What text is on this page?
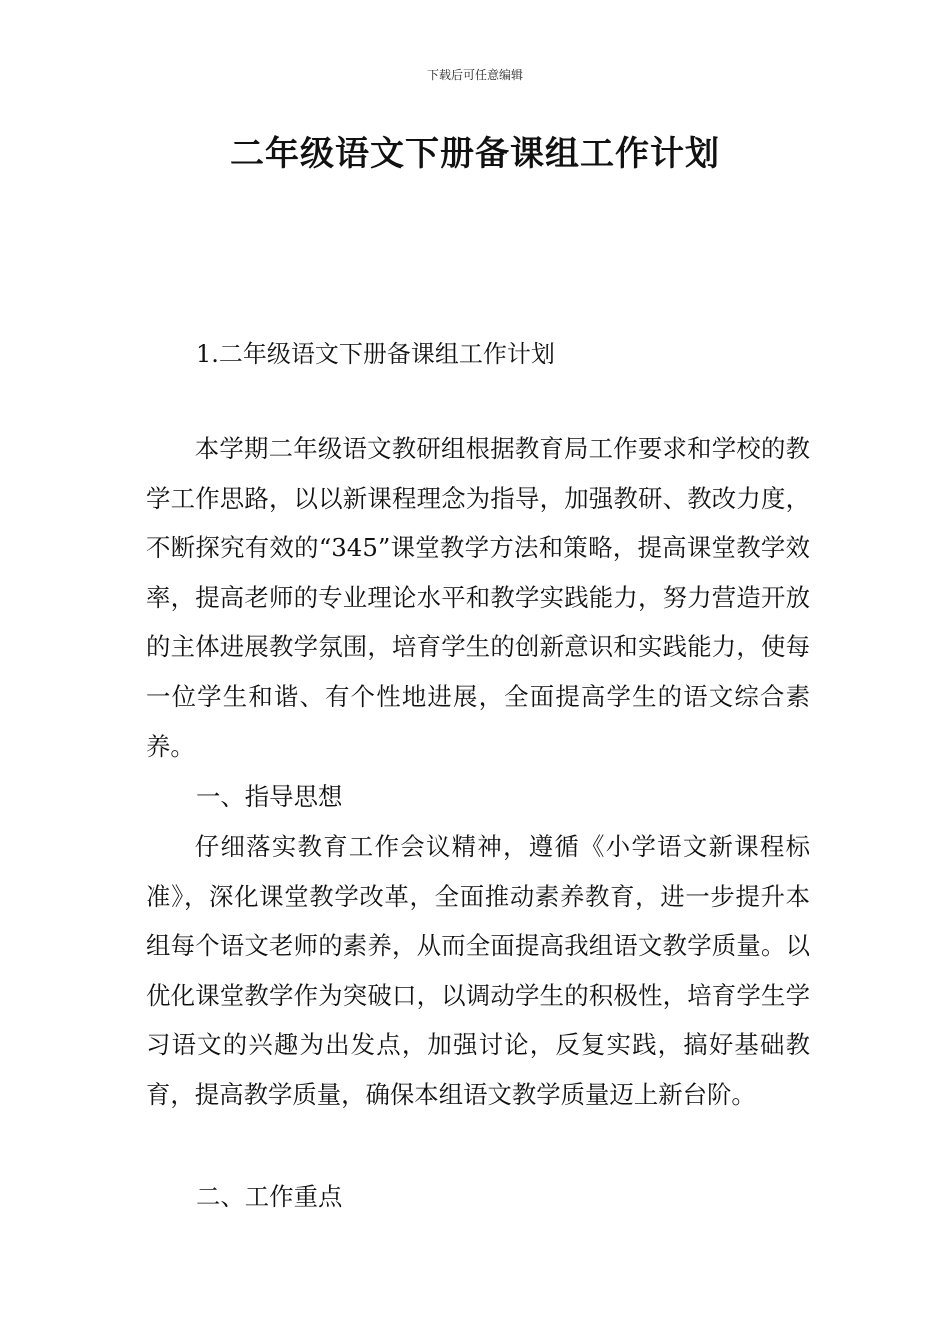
下载后可任意编辑
二年级语文下册备课组工作计划
1.二年级语文下册备课组工作计划

本学期二年级语文教研组根据教育局工作要求和学校的教学工作思路，以以新课程理念为指导，加强教研、教改力度，不断探究有效的“345”课堂教学方法和策略，提高课堂教学效率，提高老师的专业理论水平和教学实践能力，努力营造开放的主体进展教学氛围，培育学生的创新意识和实践能力，使每一位学生和谐、有个性地进展，全面提高学生的语文综合素养。

一、指导思想

仔细落实教育工作会议精神，遵循《小学语文新课程标准》，深化课堂教学改革，全面推动素养教育，进一步提升本组每个语文老师的素养，从而全面提高我组语文教学质量。以优化课堂教学作为突破口，以调动学生的积极性，培育学生学习语文的兴趣为出发点，加强讨论，反复实践，搞好基础教育，提高教学质量，确保本组语文教学质量迈上新台阶。

二、工作重点
